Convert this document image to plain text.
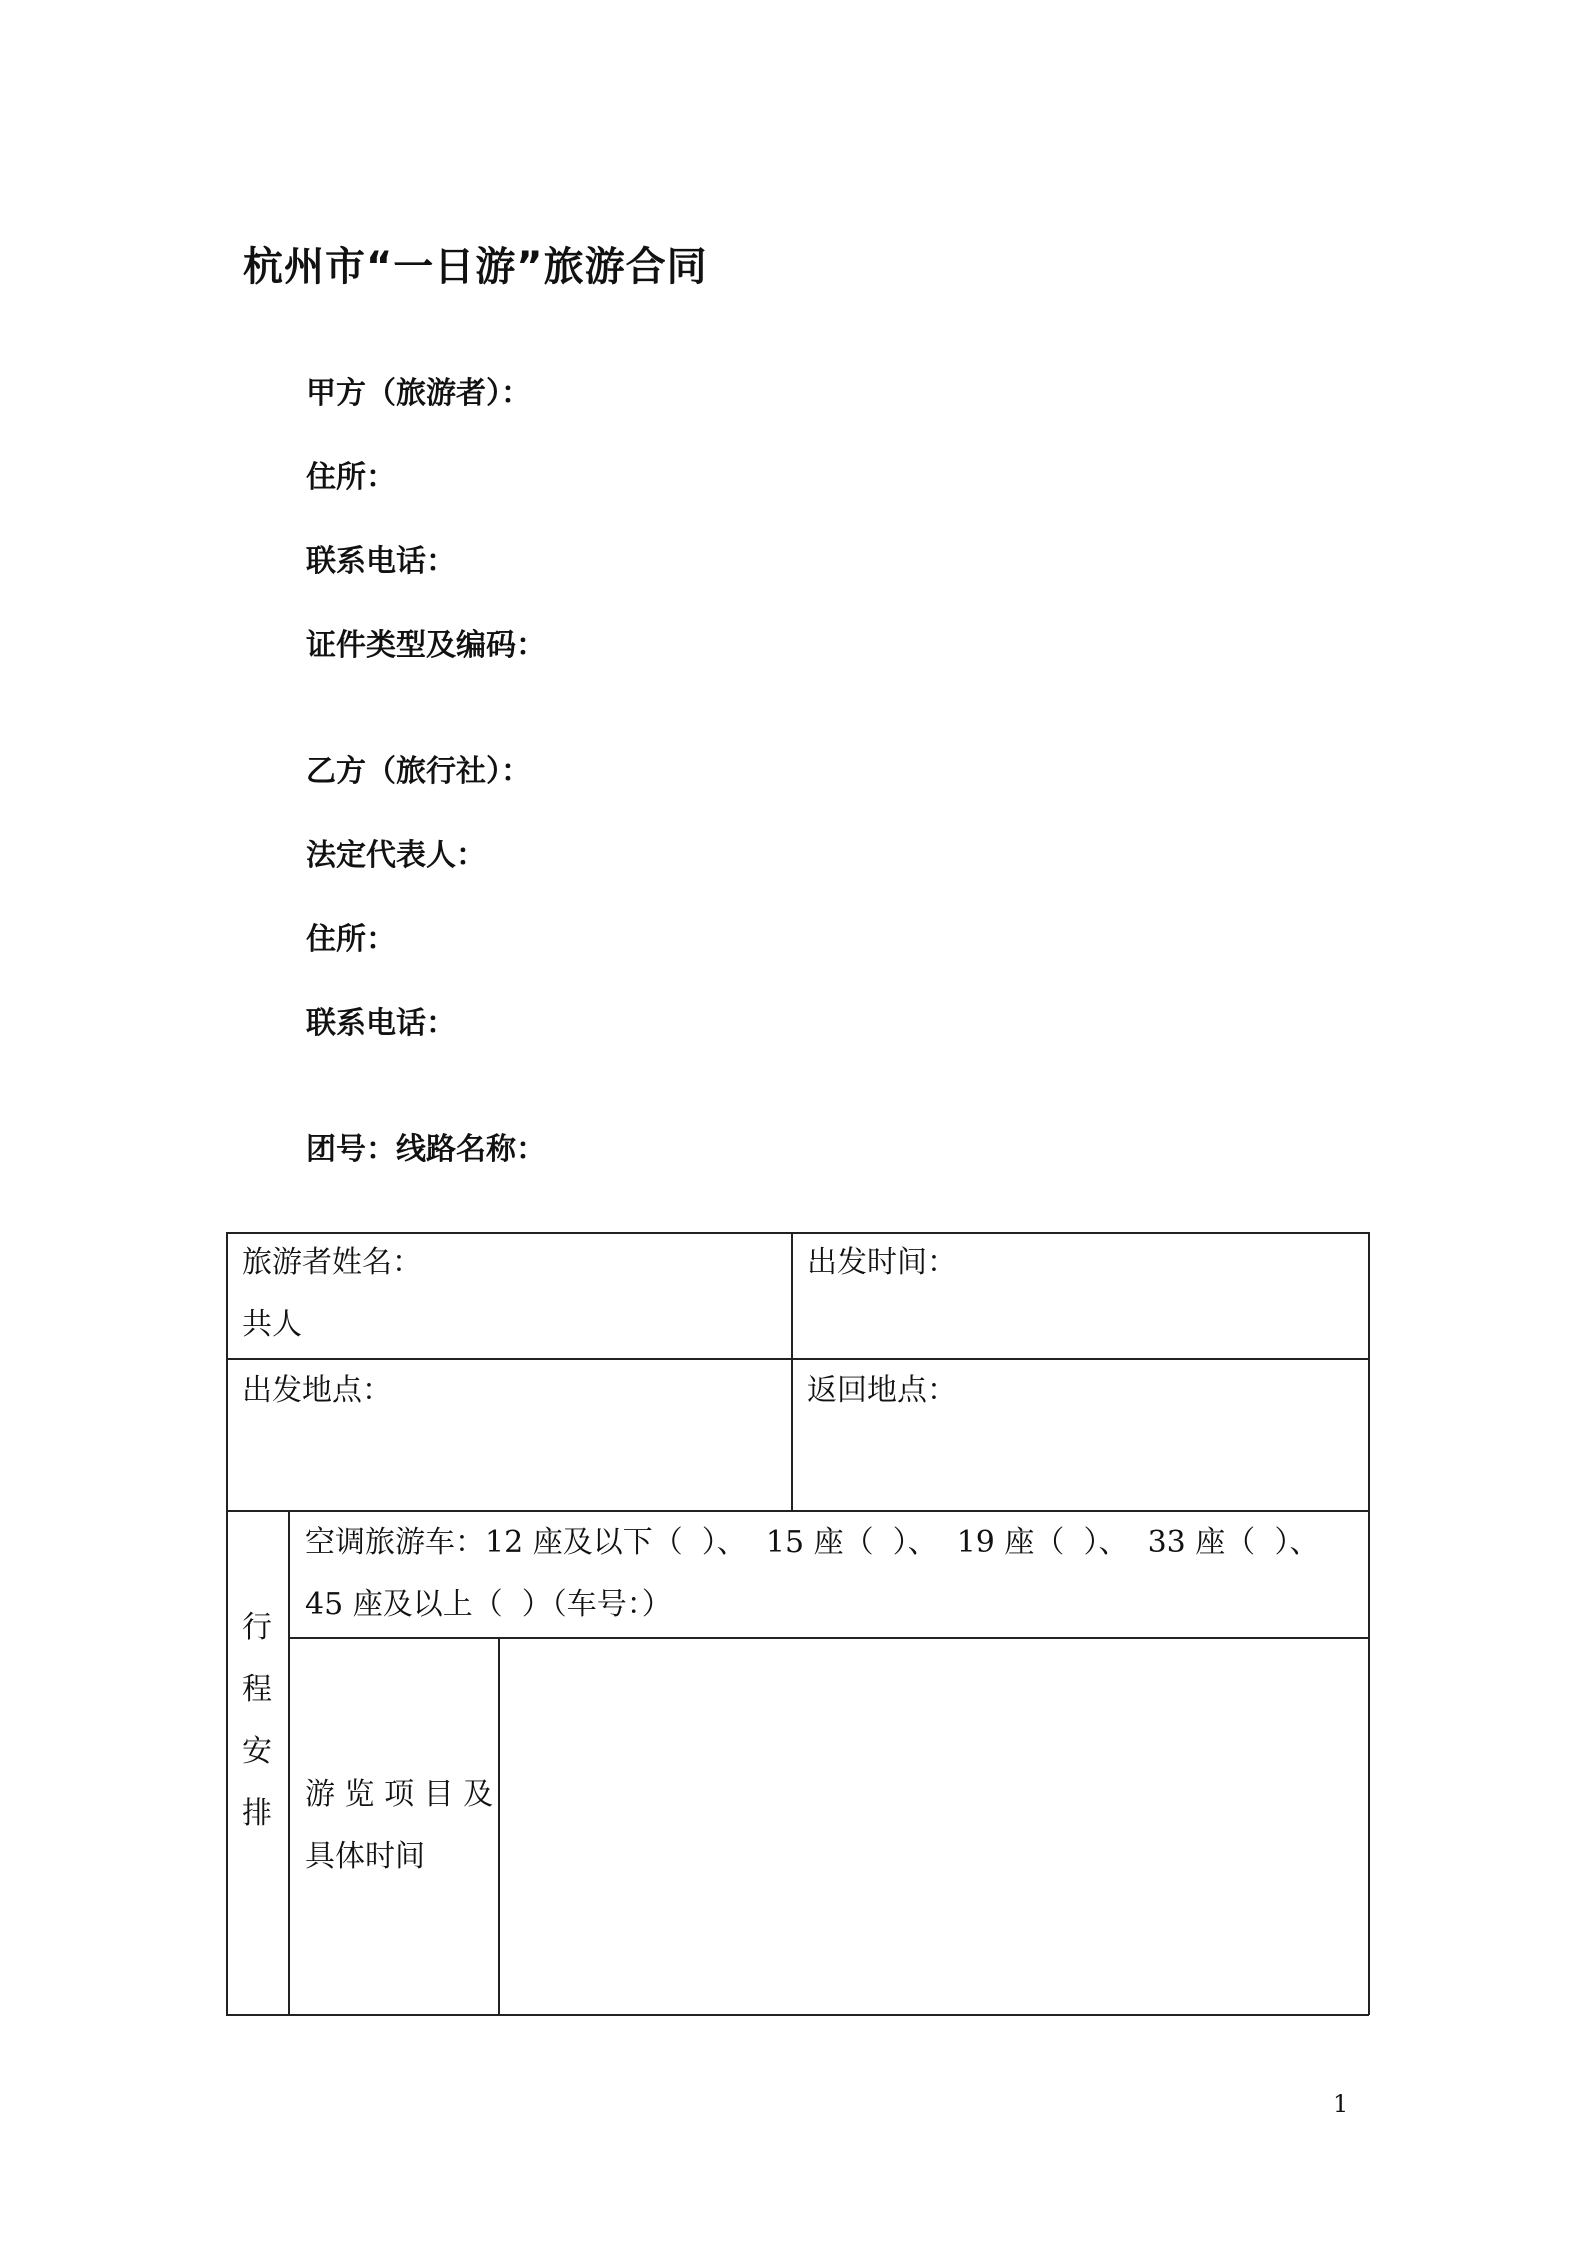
杭州市“一日游”旅游合同
甲方（旅游者）：
住所：
联系电话：
证件类型及编码：
乙方（旅行社）：
法定代表人：
住所：
联系电话：
团号：线路名称：
旅游者姓名：
共人
出发时间：
出发地点：	返回地点：
行
程
安
排
空调旅游车：12 座及以下（  ）、  15 座（  ）、  19 座（  ）、  33 座（  ）、
45 座及以上（  ）（车号：）
游 览 项 目 及
具体时间
1
